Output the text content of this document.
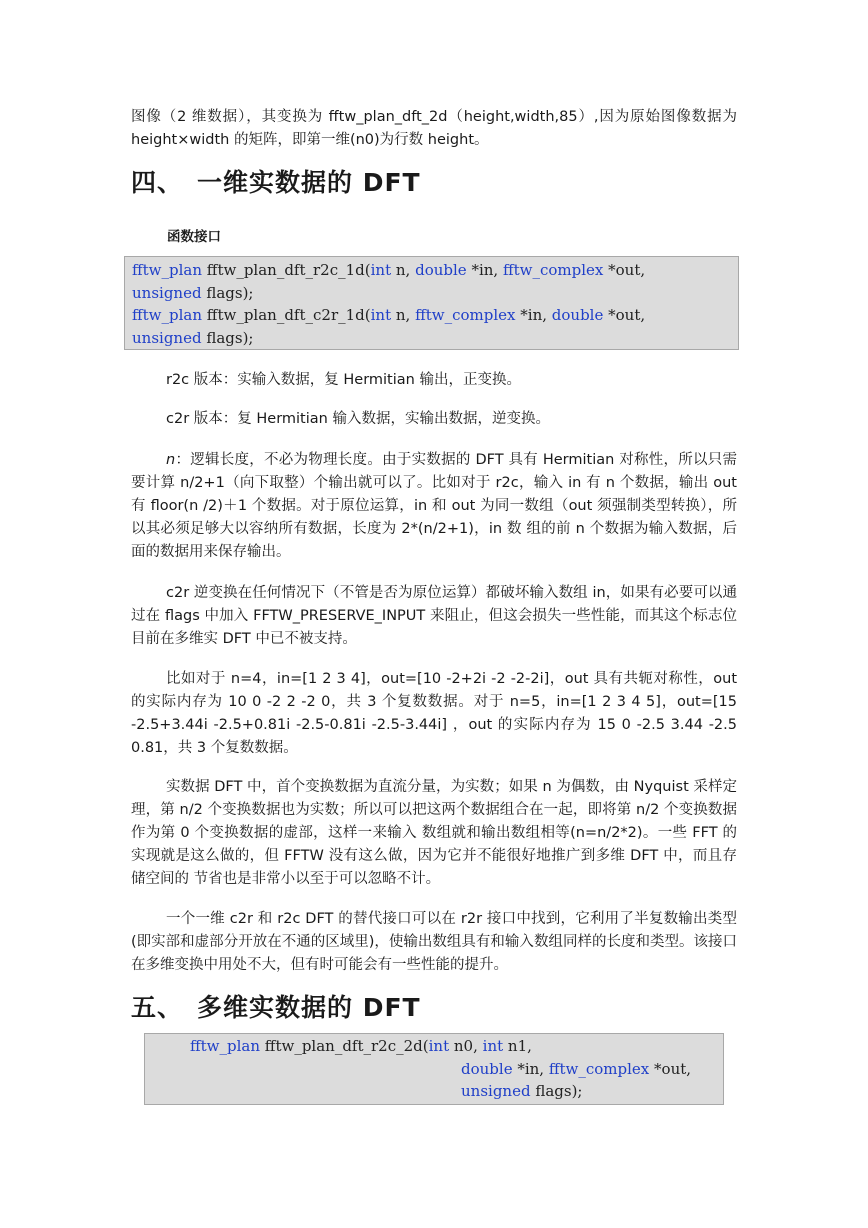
图像（2 维数据），其变换为 fftw_plan_dft_2d（height,width,85）,因为原始图像数据为 height×width 的矩阵，即第一维(n0)为行数 height。

四、 一维实数据的 DFT

函数接口

fftw_plan fftw_plan_dft_r2c_1d(int n, double *in, fftw_complex *out,
unsigned flags);
fftw_plan fftw_plan_dft_c2r_1d(int n, fftw_complex *in, double *out,
unsigned flags);

r2c 版本：实输入数据，复 Hermitian 输出，正变换。

c2r 版本：复 Hermitian 输入数据，实输出数据，逆变换。

n：逻辑长度，不必为物理长度。由于实数据的 DFT 具有 Hermitian 对称性，所以只需要计算 n/2+1（向下取整）个输出就可以了。比如对于 r2c，输入 in 有 n 个数据，输出 out 有 floor(n /2)＋1 个数据。对于原位运算，in 和 out 为同一数组（out 须强制类型转换），所以其必须足够大以容纳所有数据，长度为 2*(n/2+1)，in 数 组的前 n 个数据为输入数据，后面的数据用来保存输出。

c2r 逆变换在任何情况下（不管是否为原位运算）都破坏输入数组 in，如果有必要可以通过在 flags 中加入 FFTW_PRESERVE_INPUT 来阻止，但这会损失一些性能，而其这个标志位目前在多维实 DFT 中已不被支持。

比如对于 n=4，in=[1 2 3 4]，out=[10 -2+2i -2 -2-2i]，out 具有共轭对称性，out 的实际内存为 10 0 -2 2 -2 0，共 3 个复数数据。对于 n=5，in=[1 2 3 4 5]，out=[15 -2.5+3.44i -2.5+0.81i -2.5-0.81i -2.5-3.44i] ，out 的实际内存为 15 0 -2.5 3.44 -2.5 0.81，共 3 个复数数据。

实数据 DFT 中，首个变换数据为直流分量，为实数；如果 n 为偶数，由 Nyquist 采样定理，第 n/2 个变换数据也为实数；所以可以把这两个数据组合在一起，即将第 n/2 个变换数据作为第 0 个变换数据的虚部，这样一来输入 数组就和输出数组相等(n=n/2*2)。一些 FFT 的实现就是这么做的，但 FFTW 没有这么做，因为它并不能很好地推广到多维 DFT 中，而且存储空间的 节省也是非常小以至于可以忽略不计。

一个一维 c2r 和 r2c DFT 的替代接口可以在 r2r 接口中找到，它利用了半复数输出类型(即实部和虚部分开放在不通的区域里)，使输出数组具有和输入数组同样的长度和类型。该接口在多维变换中用处不大，但有时可能会有一些性能的提升。

五、 多维实数据的 DFT
fftw_plan fftw_plan_dft_r2c_2d(int n0, int n1,
double *in, fftw_complex *out,
unsigned flags);
